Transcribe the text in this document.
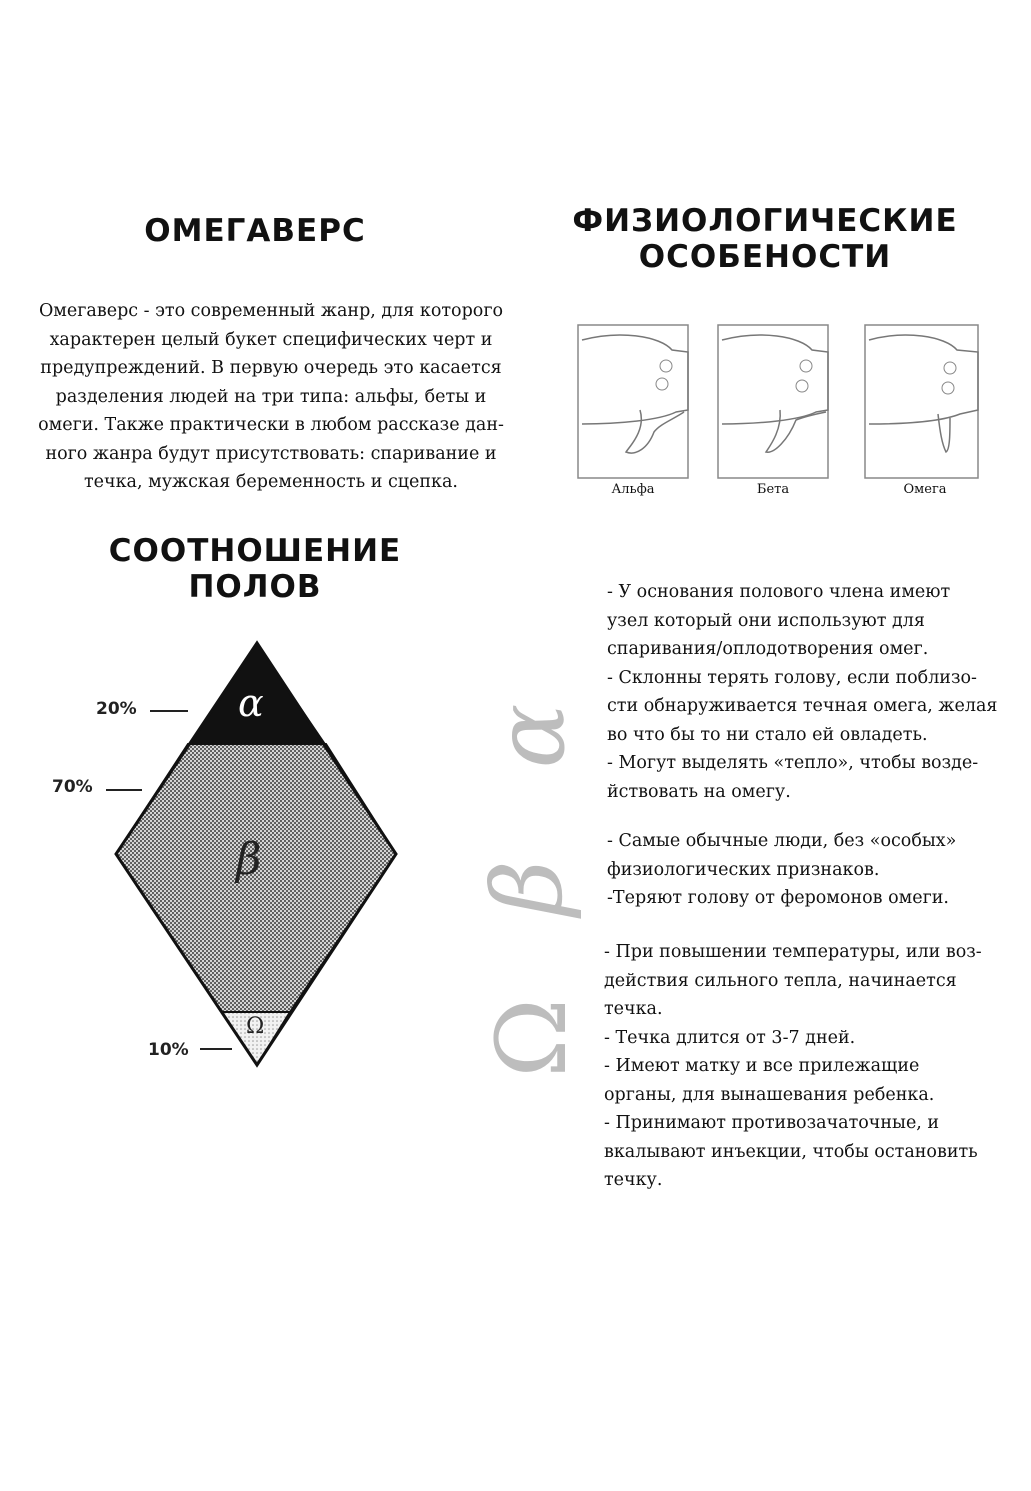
ОМЕГАВЕРС
Омегаверс - это современный жанр, для которого
характерен целый букет специфических черт и
предупреждений. В первую очередь это касается
разделения людей на три типа: альфы, беты и
омеги. Также практически в любом рассказе дан-
ного жанра будут присутствовать: спаривание и
течка, мужская беременность и сцепка.
СООТНОШЕНИЕ
ПОЛОВ
ФИЗИОЛОГИЧЕСКИЕ
ОСОБЕНОСТИ
α
β
Ω
20%
70%
10%
Альфа	Бета	Омега
α
β
Ω

- У основания полового члена имеют

узел который они используют для

спаривания/оплодотворения омег.

- Склонны терять голову, если поблизо-

сти обнаруживается течная омега, желая

во что бы то ни стало ей овладеть.

- Могут выделять «тепло», чтобы возде-

йствовать на омегу.

- Самые обычные люди, без «особых»

физиологических признаков.

-Теряют голову от феромонов омеги.

- При повышении температуры, или воз-

действия сильного тепла, начинается

течка.

- Течка длится от 3-7 дней.

- Имеют матку и все прилежащие

органы, для вынашевания ребенка.

- Принимают противозачаточные, и

вкалывают инъекции, чтобы остановить

течку.
